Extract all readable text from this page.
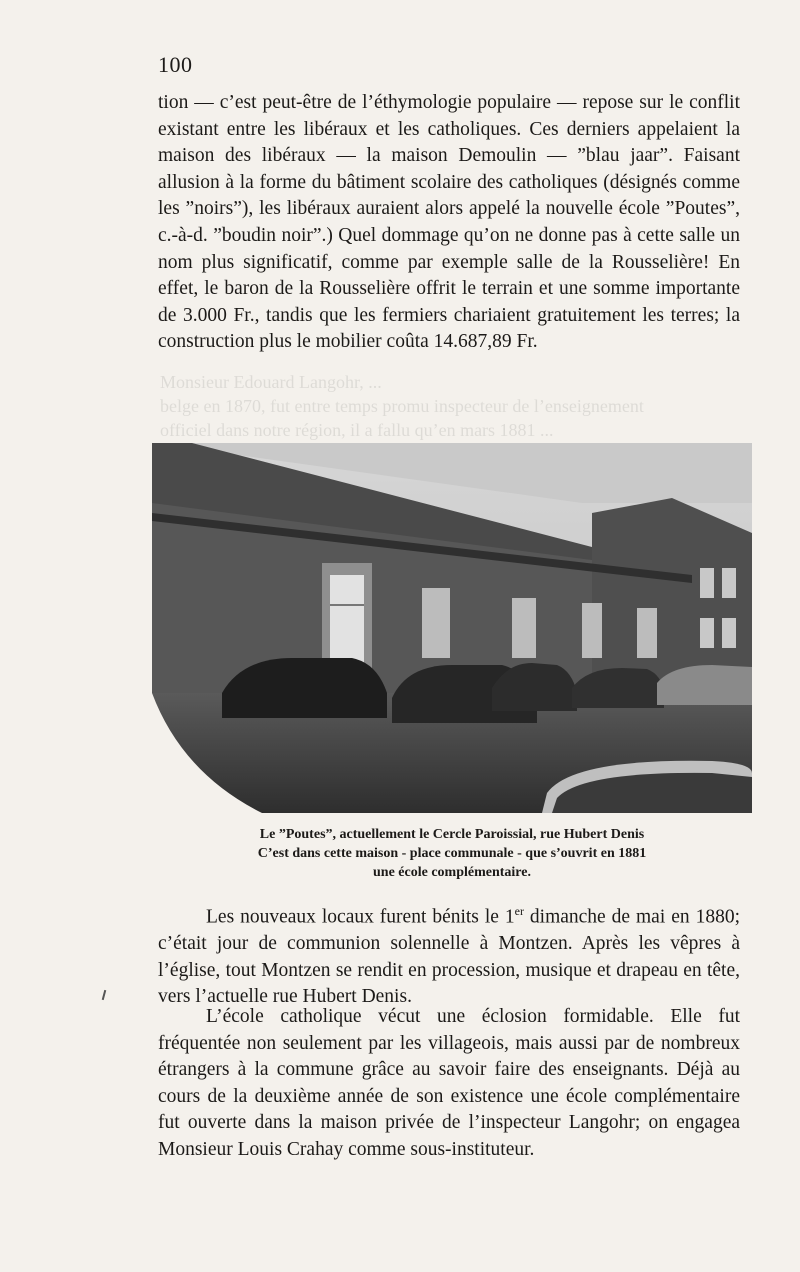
Monsieur Edouard Langohr, ...
belge en 1870, fut entre temps promu inspecteur de l’enseignement
officiel dans notre région, il a fallu qu’en mars 1881 ...
100

tion — c’est peut-être de l’éthymologie populaire — repose sur le conflit existant entre les libéraux et les catholiques. Ces derniers appelaient la maison des libéraux — la maison Demoulin — ”blau jaar”. Faisant allusion à la forme du bâtiment scolaire des catholiques (désignés comme les ”noirs”), les libéraux auraient alors appelé la nouvelle école ”Poutes”, c.-à-d. ”boudin noir”.) Quel dommage qu’on ne donne pas à cette salle un nom plus significatif, comme par exemple salle de la Rousselière! En effet, le baron de la Rousselière offrit le terrain et une somme importante de 3.000 Fr., tandis que les fermiers chariaient gratuitement les terres; la construction plus le mobilier coûta 14.687,89 Fr.

Le ”Poutes”, actuellement le Cercle Paroissial, rue Hubert Denis
C’est dans cette maison - place communale - que s’ouvrit en 1881
une école complémentaire.

Les nouveaux locaux furent bénits le 1er dimanche de mai en 1880; c’était jour de communion solennelle à Montzen. Après les vêpres à l’église, tout Montzen se rendit en procession, musique et drapeau en tête, vers l’actuelle rue Hubert Denis.

L’école catholique vécut une éclosion formidable. Elle fut fréquentée non seulement par les villageois, mais aussi par de nombreux étrangers à la commune grâce au savoir faire des enseignants. Déjà au cours de la deuxième année de son existence une école complémentaire fut ouverte dans la maison privée de l’inspecteur Langohr; on engagea Monsieur Louis Crahay comme sous-instituteur.
